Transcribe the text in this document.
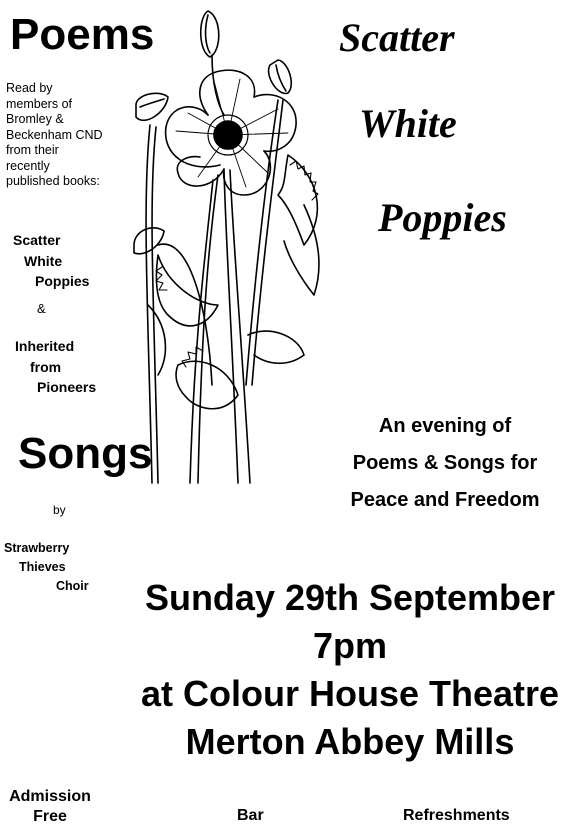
Poems
Read by
members of
Bromley &
Beckenham CND
from their
recently
published books:
Scatter
White
Poppies
&
Inherited
from
Pioneers
Songs
by
Strawberry
Thieves
Choir
Scatter
White
Poppies
An evening of
Poems & Songs for
Peace and Freedom
Sunday 29th September
7pm
at Colour House Theatre
Merton Abbey Mills
Admission
Free	Bar	Refreshments
